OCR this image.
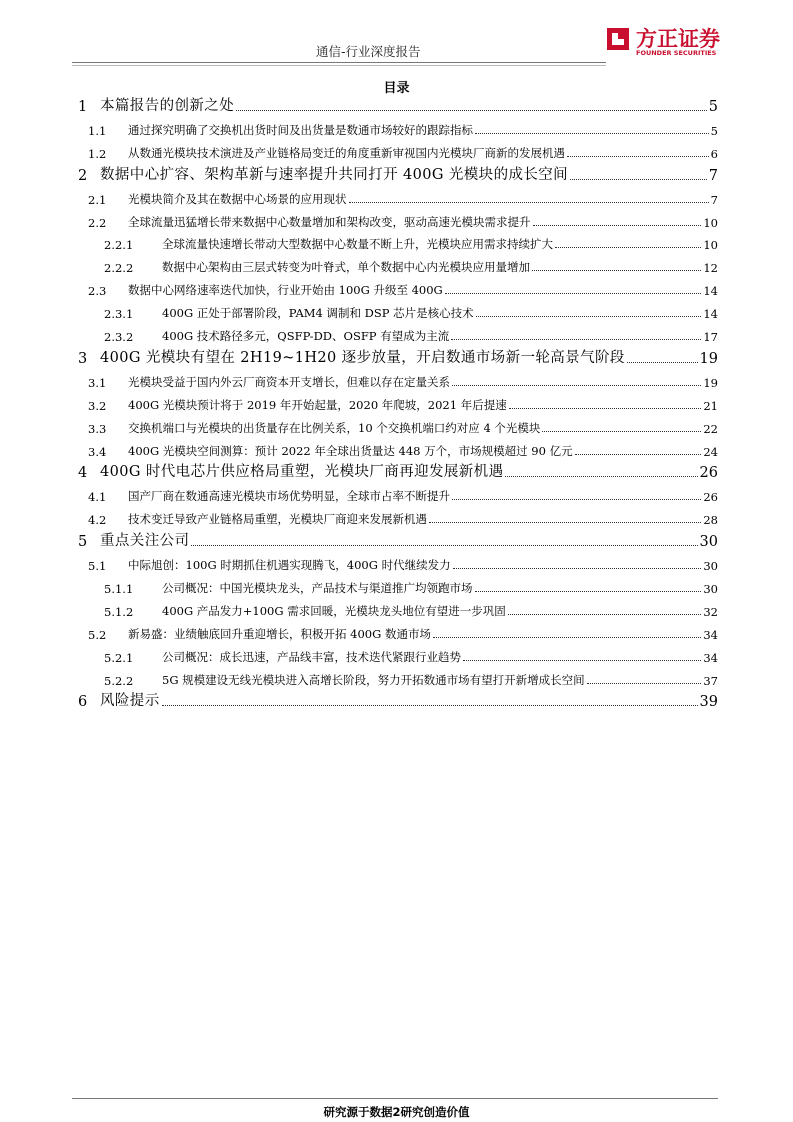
通信-行业深度报告
方正证券
FOUNDER SECURITIES
目录
1 本篇报告的创新之处	5
1.1	通过探究明确了交换机出货时间及出货量是数通市场较好的跟踪指标	5
1.2	从数通光模块技术演进及产业链格局变迁的角度重新审视国内光模块厂商新的发展机遇	6
2 数据中心扩容、架构革新与速率提升共同打开 400G 光模块的成长空间	7
2.1	光模块简介及其在数据中心场景的应用现状	7
2.2	全球流量迅猛增长带来数据中心数量增加和架构改变，驱动高速光模块需求提升	10
2.2.1	全球流量快速增长带动大型数据中心数量不断上升，光模块应用需求持续扩大	10
2.2.2	数据中心架构由三层式转变为叶脊式，单个数据中心内光模块应用量增加	12
2.3	数据中心网络速率迭代加快，行业开始由 100G 升级至 400G	14
2.3.1	400G 正处于部署阶段，PAM4 调制和 DSP 芯片是核心技术	14
2.3.2	400G 技术路径多元，QSFP-DD、OSFP 有望成为主流	17
3 400G 光模块有望在 2H19~1H20 逐步放量，开启数通市场新一轮高景气阶段	19
3.1	光模块受益于国内外云厂商资本开支增长，但难以存在定量关系	19
3.2	400G 光模块预计将于 2019 年开始起量，2020 年爬坡，2021 年后提速	21
3.3	交换机端口与光模块的出货量存在比例关系，10 个交换机端口约对应 4 个光模块	22
3.4	400G 光模块空间测算：预计 2022 年全球出货量达 448 万个，市场规模超过 90 亿元	24
4 400G 时代电芯片供应格局重塑，光模块厂商再迎发展新机遇	26
4.1	国产厂商在数通高速光模块市场优势明显，全球市占率不断提升	26
4.2	技术变迁导致产业链格局重塑，光模块厂商迎来发展新机遇	28
5 重点关注公司	30
5.1	中际旭创：100G 时期抓住机遇实现腾飞，400G 时代继续发力	30
5.1.1	公司概况：中国光模块龙头，产品技术与渠道推广均领跑市场	30
5.1.2	400G 产品发力+100G 需求回暖，光模块龙头地位有望进一步巩固	32
5.2	新易盛：业绩触底回升重迎增长，积极开拓 400G 数通市场	34
5.2.1	公司概况：成长迅速，产品线丰富，技术迭代紧跟行业趋势	34
5.2.2	5G 规模建设无线光模块进入高增长阶段，努力开拓数通市场有望打开新增成长空间	37
6 风险提示	39
研究源于数据2研究创造价值
